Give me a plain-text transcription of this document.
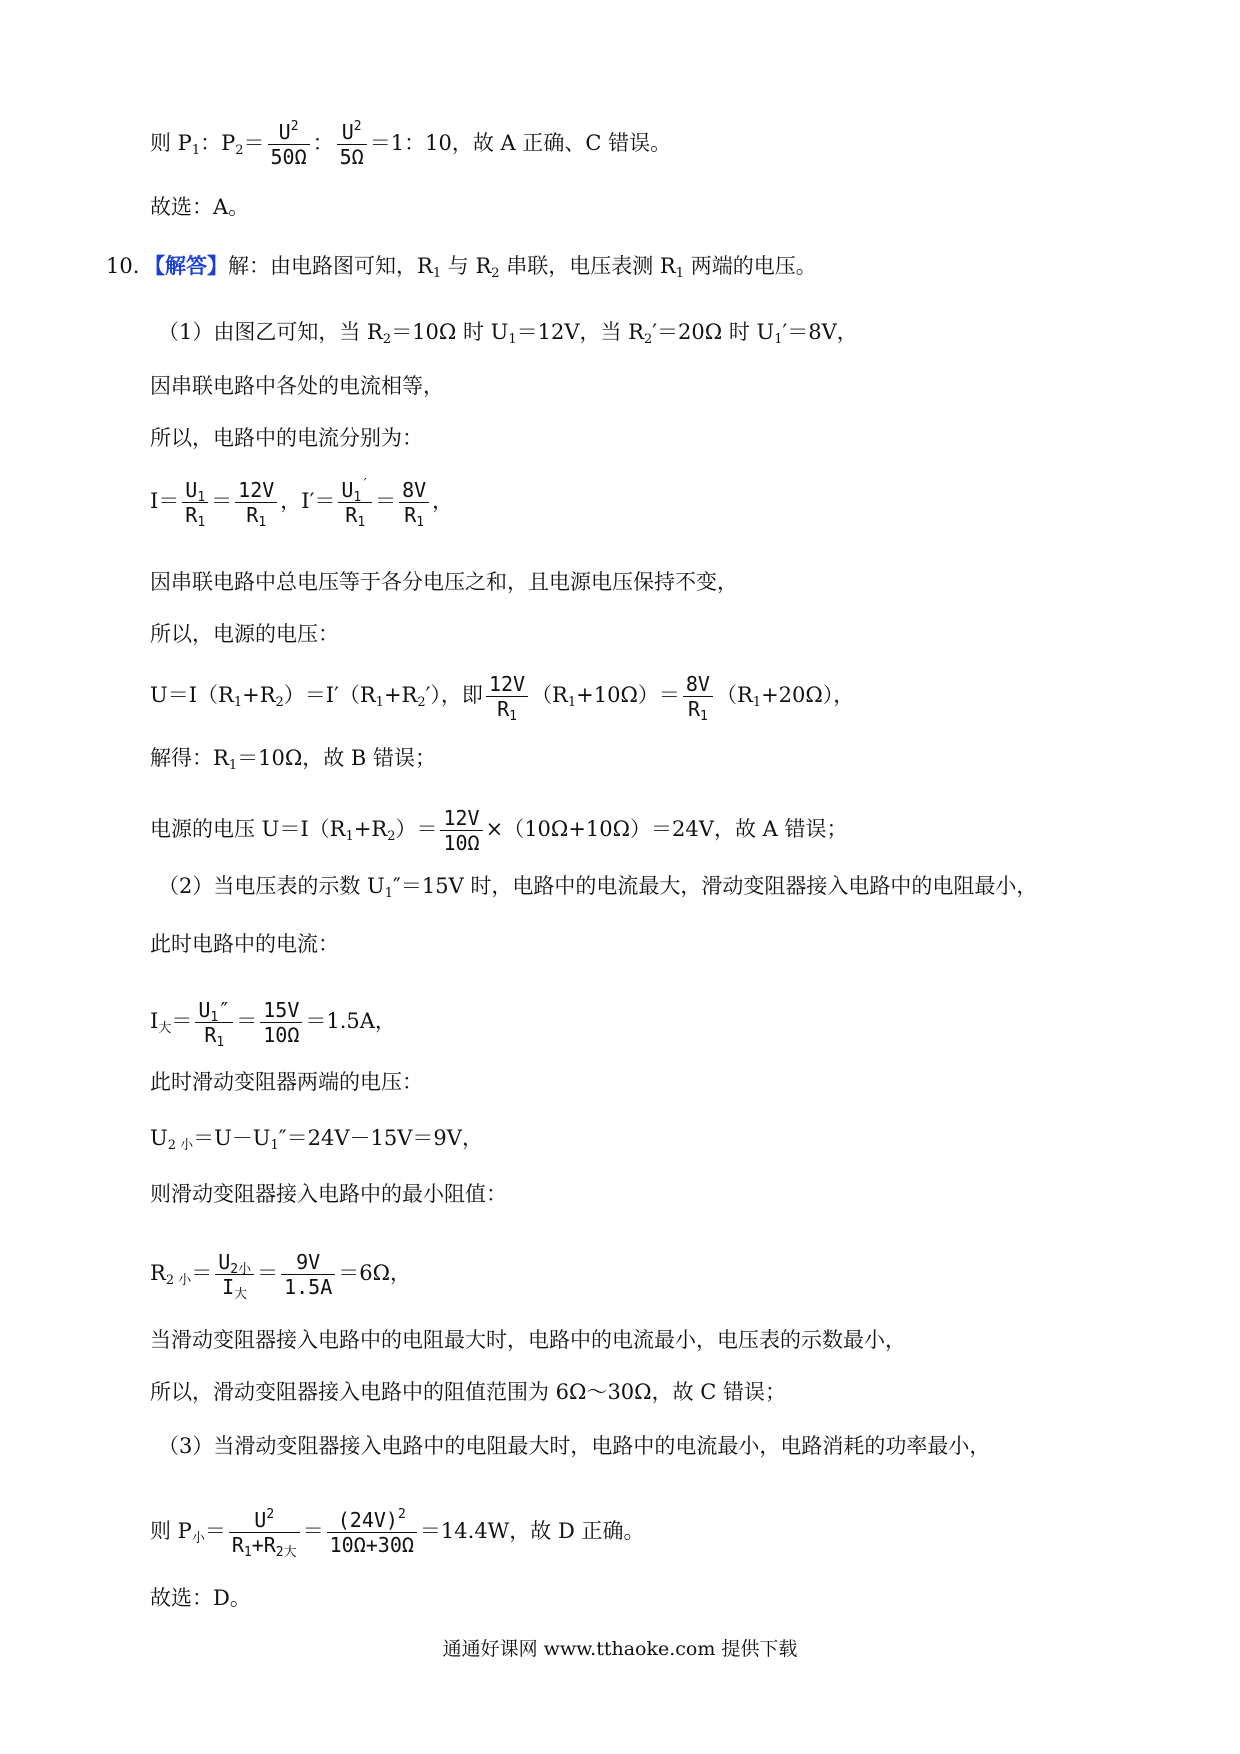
则 $P_1$：$P_2= \frac{U^2}{50\Omega}$ ： $\frac{U^2}{5\Omega} =1$：10，故 A 正确、C 错误。
故选：A。
10. 【解答】解：由电路图可知，$R_1$ 与 $R_2$ 串联，电压表测 $R_1$ 两端的电压。
（1）由图乙可知，当 $R_2=10\Omega$ 时 $U_1=12V$，当 $R_2'=20\Omega$ 时 $U_1'=8V$，
因串联电路中各处的电流相等，
所以，电路中的电流分别为：
$I= \frac{U_1}{R_1} = \frac{12V}{R_1}$ ，$I'= \frac{U_1'}{R_1} = \frac{8V}{R_1}$ ，
因串联电路中总电压等于各分电压之和，且电源电压保持不变，
所以，电源的电压：
$U=I(R_1+R_2)=I'(R_1+R_2')$，即 $\frac{12V}{R_1} (R_1+10\Omega)= \frac{8V}{R_1} (R_1+20\Omega)$，
解得：$R_1=10\Omega$，故 B 错误；
电源的电压 $U=I(R_1+R_2)= \frac{12V}{10\Omega} \times(10\Omega+10\Omega)=24V$，故 A 错误；
（2）当电压表的示数 $U_1''=15V$ 时，电路中的电流最大，滑动变阻器接入电路中的电阻最小，
此时电路中的电流：
$I_大= \frac{U_1''}{R_1} = \frac{15V}{10\Omega} =1.5A$，
此时滑动变阻器两端的电压：
$U_{2 小}=U-U_1''=24V-15V=9V$，
则滑动变阻器接入电路中的最小阻值：
$R_{2 小}= \frac{U_{2小}}{I_大} = \frac{9V}{1.5A} =6\Omega$，
当滑动变阻器接入电路中的电阻最大时，电路中的电流最小，电压表的示数最小，
所以，滑动变阻器接入电路中的阻值范围为 6Ω～30Ω，故 C 错误；
（3）当滑动变阻器接入电路中的电阻最大时，电路中的电流最小，电路消耗的功率最小，
则 $P_小= \frac{U^2}{R_1+R_{2大}} = \frac{(24V)^2}{10\Omega+30\Omega} =14.4W$，故 D 正确。
故选：D。
通通好课网 www.tthaoke.com 提供下载
